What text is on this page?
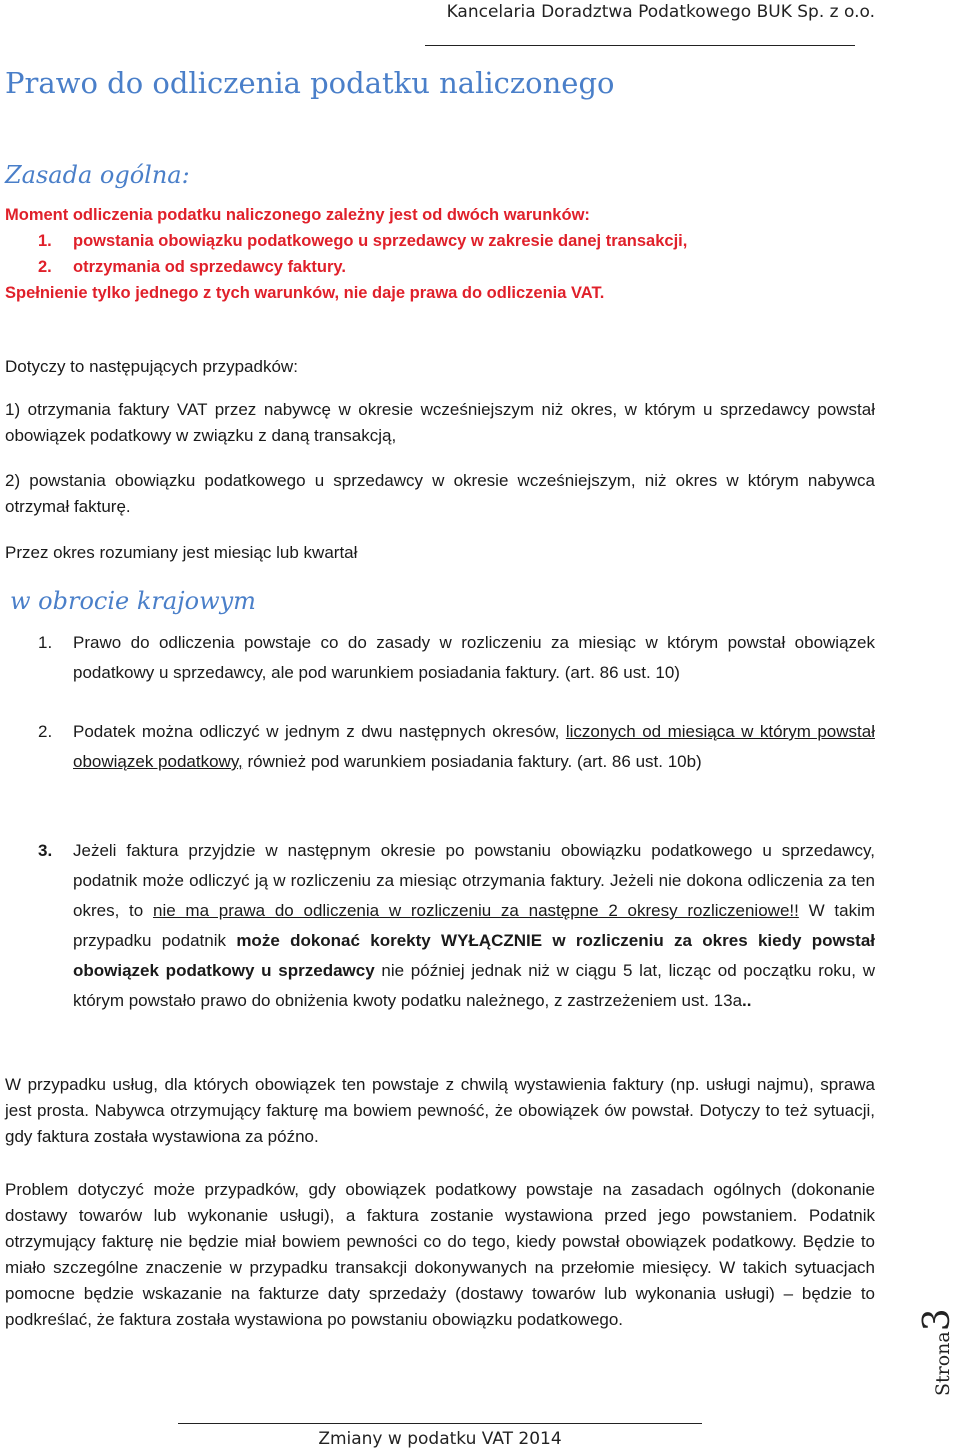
Kancelaria Doradztwa Podatkowego BUK Sp. z o.o.
Prawo do odliczenia podatku naliczonego
Zasada ogólna:
Moment odliczenia podatku naliczonego zależny jest od dwóch warunków:
1. powstania obowiązku podatkowego u sprzedawcy w zakresie danej transakcji,
2. otrzymania od sprzedawcy faktury.
Spełnienie tylko jednego z tych warunków, nie daje prawa do odliczenia VAT.
Dotyczy to następujących przypadków:
1) otrzymania faktury VAT przez nabywcę w okresie wcześniejszym niż okres, w którym u sprzedawcy powstał obowiązek podatkowy w związku z daną transakcją,
2) powstania obowiązku podatkowego u sprzedawcy w okresie wcześniejszym, niż okres w którym nabywca otrzymał fakturę.
Przez okres rozumiany jest miesiąc lub kwartał
w obrocie krajowym
1. Prawo do odliczenia powstaje co do zasady w rozliczeniu za miesiąc w którym powstał obowiązek podatkowy u sprzedawcy, ale pod warunkiem posiadania faktury. (art. 86 ust. 10)
2. Podatek można odliczyć w jednym z dwu następnych okresów, liczonych od miesiąca w którym powstał obowiązek podatkowy, również pod warunkiem posiadania faktury. (art. 86 ust. 10b)
3. Jeżeli faktura przyjdzie w następnym okresie po powstaniu obowiązku podatkowego u sprzedawcy, podatnik może odliczyć ją w rozliczeniu za miesiąc otrzymania faktury. Jeżeli nie dokona odliczenia za ten okres, to nie ma prawa do odliczenia w rozliczeniu za następne 2 okresy rozliczeniowe!! W takim przypadku podatnik może dokonać korekty WYŁĄCZNIE w rozliczeniu za okres kiedy powstał obowiązek podatkowy u sprzedawcy nie później jednak niż w ciągu 5 lat, licząc od początku roku, w którym powstało prawo do obniżenia kwoty podatku należnego, z zastrzeżeniem ust. 13a..
W przypadku usług, dla których obowiązek ten powstaje z chwilą wystawienia faktury (np. usługi najmu), sprawa jest prosta. Nabywca otrzymujący fakturę ma bowiem pewność, że obowiązek ów powstał. Dotyczy to też sytuacji, gdy faktura została wystawiona za późno.
Problem dotyczyć może przypadków, gdy obowiązek podatkowy powstaje na zasadach ogólnych (dokonanie dostawy towarów lub wykonanie usługi), a faktura zostanie wystawiona przed jego powstaniem. Podatnik otrzymujący fakturę nie będzie miał bowiem pewności co do tego, kiedy powstał obowiązek podatkowy. Będzie to miało szczególne znaczenie w przypadku transakcji dokonywanych na przełomie miesięcy. W takich sytuacjach pomocne będzie wskazanie na fakturze daty sprzedaży (dostawy towarów lub wykonania usługi) – będzie to podkreślać, że faktura została wystawiona po powstaniu obowiązku podatkowego.
Strona3
Zmiany w podatku VAT 2014
